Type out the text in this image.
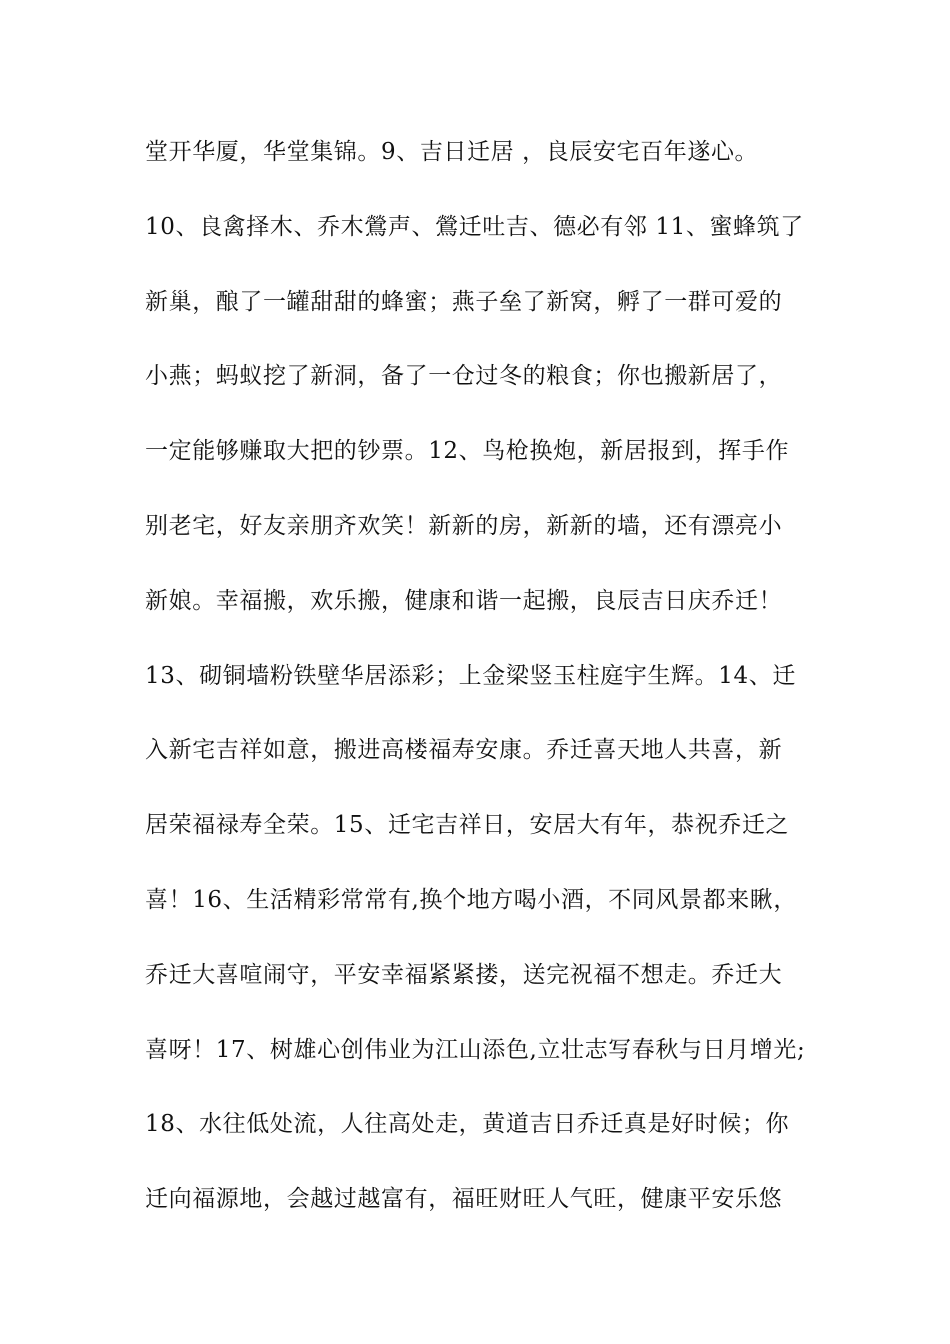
堂开华厦，华堂集锦。9、吉日迁居 ，良辰安宅百年遂心。
10、良禽择木、乔木鶯声、鶯迁吐吉、德必有邻 11、蜜蜂筑了
新巢，酿了一罐甜甜的蜂蜜；燕子垒了新窝，孵了一群可爱的
小燕；蚂蚁挖了新洞，备了一仓过冬的粮食；你也搬新居了，
一定能够赚取大把的钞票。12、鸟枪换炮，新居报到，挥手作
别老宅，好友亲朋齐欢笑！新新的房，新新的墙，还有漂亮小
新娘。幸福搬，欢乐搬，健康和谐一起搬，良辰吉日庆乔迁！
13、砌铜墙粉铁壁华居添彩；上金梁竖玉柱庭宇生辉。14、迁
入新宅吉祥如意，搬进高楼福寿安康。乔迁喜天地人共喜，新
居荣福禄寿全荣。15、迁宅吉祥日，安居大有年，恭祝乔迁之
喜！16、生活精彩常常有,换个地方喝小酒，不同风景都来瞅，
乔迁大喜喧闹守，平安幸福紧紧搂，送完祝福不想走。乔迁大
喜呀！17、树雄心创伟业为江山添色,立壮志写春秋与日月增光;
18、水往低处流，人往高处走，黄道吉日乔迁真是好时候；你
迁向福源地，会越过越富有，福旺财旺人气旺，健康平安乐悠
